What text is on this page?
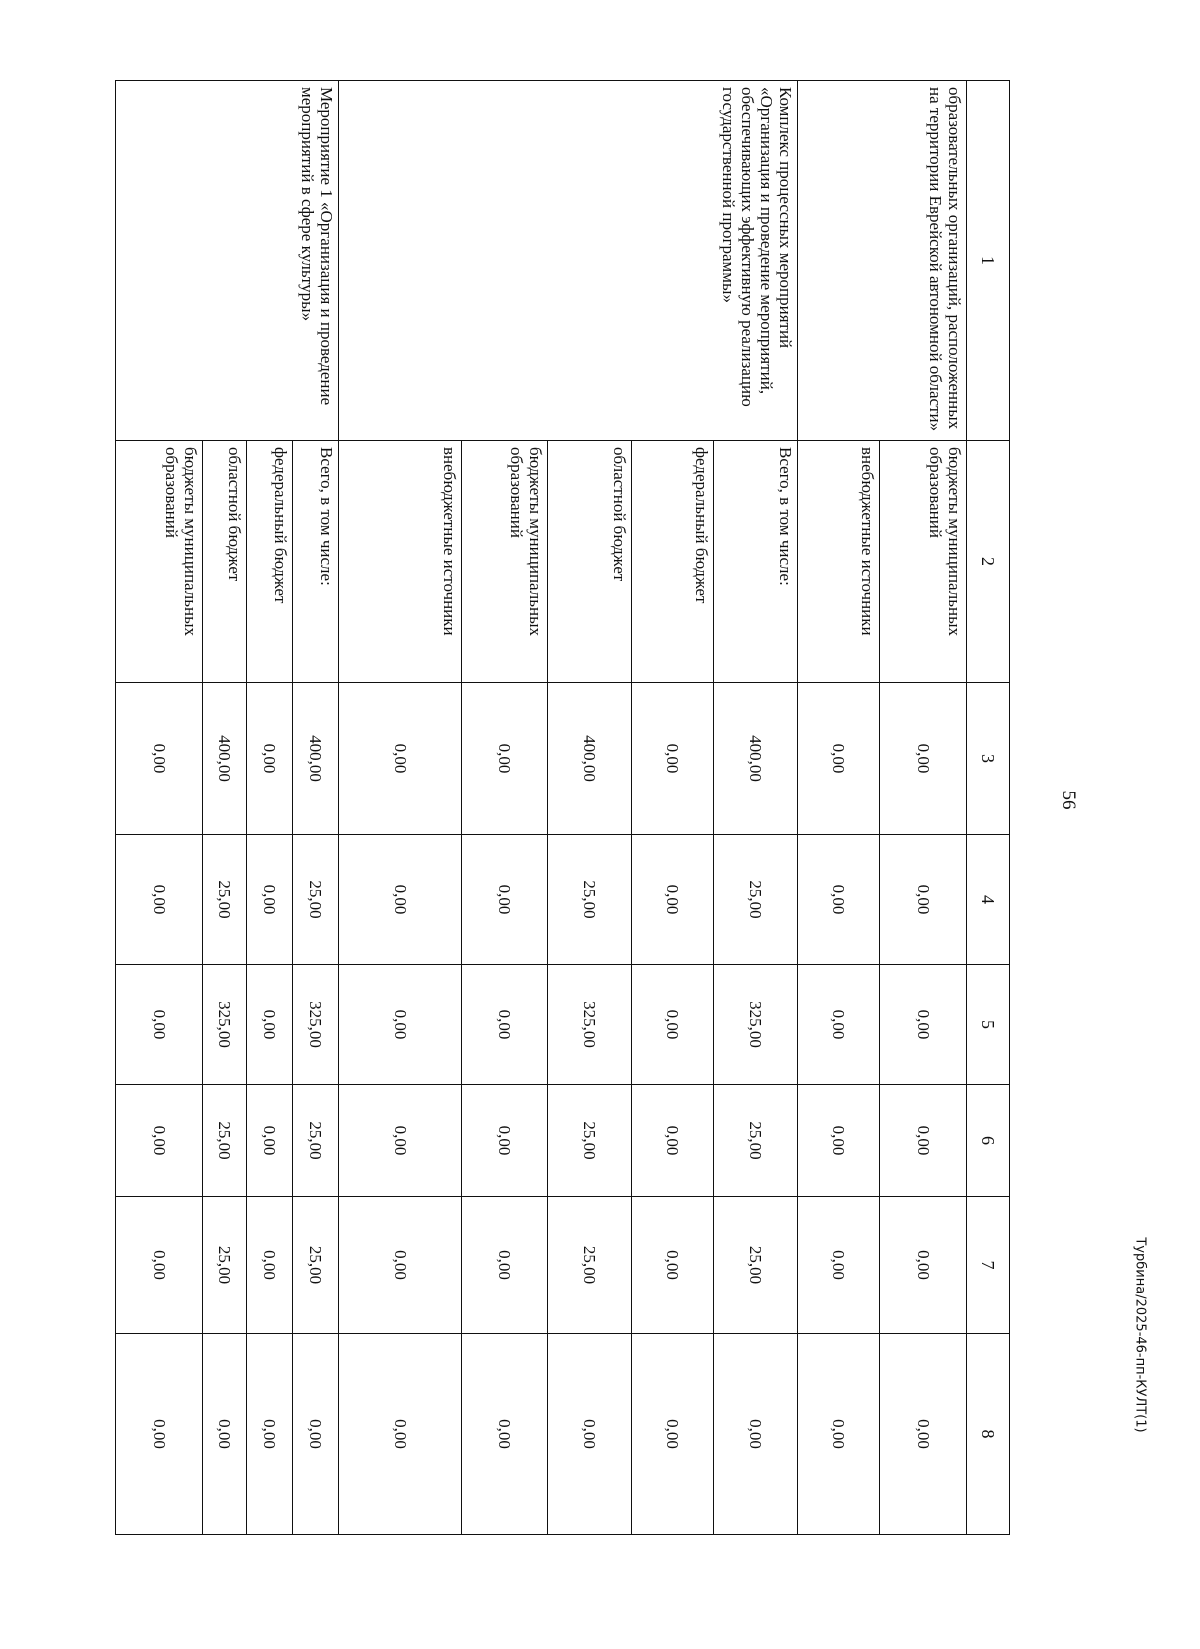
56
Турбина/2025-46-пп-КУЛТ(1)
1	2	3	4	5	6	7	8
образовательных организаций, расположенных на территории Еврейской автономной области»	бюджеты муниципальных образований	0,00	0,00	0,00	0,00	0,00	0,00
	внебюджетные источники	0,00	0,00	0,00	0,00	0,00	0,00
Комплекс процессных мероприятий «Организация и проведение мероприятий, обеспечивающих эффективную реализацию государственной программы»	Всего, в том числе:	400,00	25,00	325,00	25,00	25,00	0,00
	федеральный бюджет	0,00	0,00	0,00	0,00	0,00	0,00
	областной бюджет	400,00	25,00	325,00	25,00	25,00	0,00
	бюджеты муниципальных образований	0,00	0,00	0,00	0,00	0,00	0,00
	внебюджетные источники	0,00	0,00	0,00	0,00	0,00	0,00
Мероприятие 1 «Организация и проведение мероприятий в сфере культуры»	Всего, в том числе:	400,00	25,00	325,00	25,00	25,00	0,00
	федеральный бюджет	0,00	0,00	0,00	0,00	0,00	0,00
	областной бюджет	400,00	25,00	325,00	25,00	25,00	0,00
	бюджеты муниципальных образований	0,00	0,00	0,00	0,00	0,00	0,00
